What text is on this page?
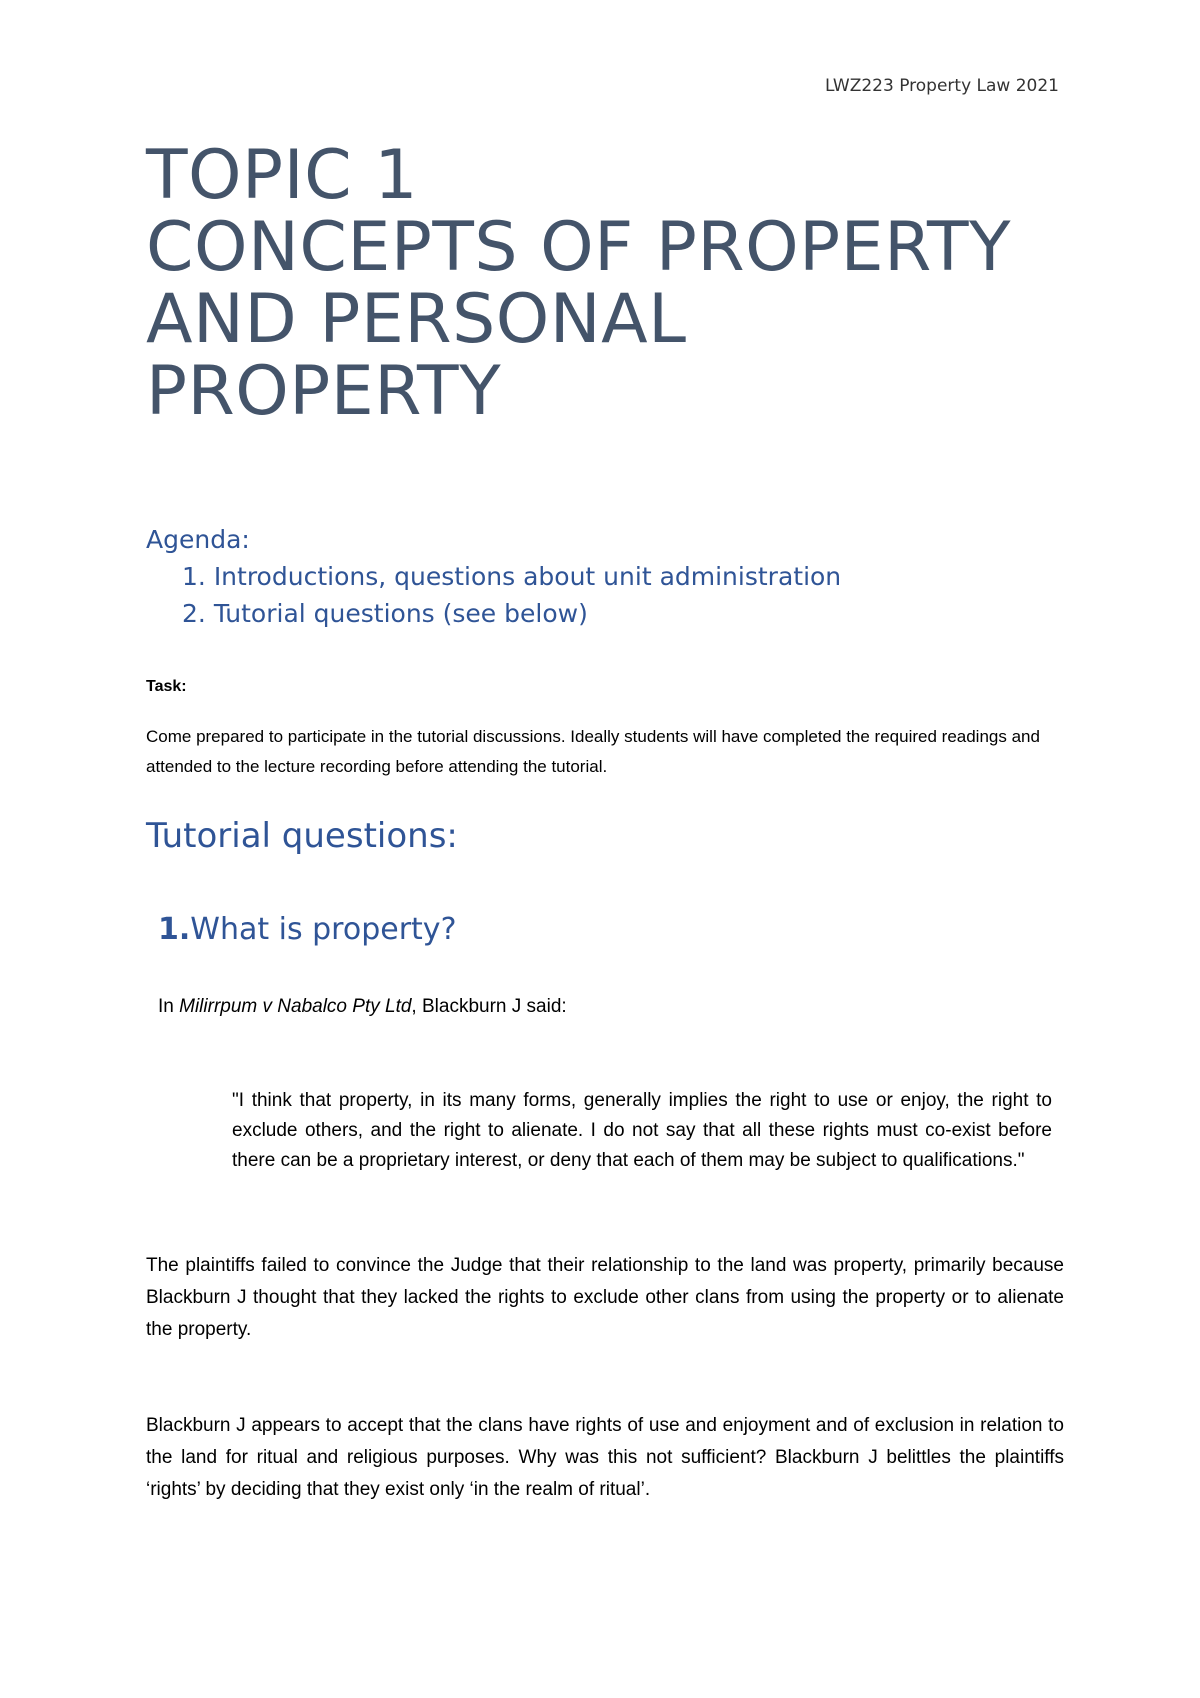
LWZ223 Property Law 2021
TOPIC 1
CONCEPTS OF PROPERTY
AND PERSONAL
PROPERTY
Agenda:
1. Introductions, questions about unit administration
2. Tutorial questions (see below)
Task:
Come prepared to participate in the tutorial discussions. Ideally students will have completed the required readings and attended to the lecture recording before attending the tutorial.
Tutorial questions:
1.What is property?
In Milirrpum v Nabalco Pty Ltd, Blackburn J said:
"I think that property, in its many forms, generally implies the right to use or enjoy, the right to exclude others, and the right to alienate. I do not say that all these rights must co-exist before there can be a proprietary interest, or deny that each of them may be subject to qualifications."

The plaintiffs failed to convince the Judge that their relationship to the land was property, primarily because Blackburn J thought that they lacked the rights to exclude other clans from using the property or to alienate the property.

Blackburn J appears to accept that the clans have rights of use and enjoyment and of exclusion in relation to the land for ritual and religious purposes. Why was this not sufficient? Blackburn J belittles the plaintiffs ‘rights’ by deciding that they exist only ‘in the realm of ritual’.
